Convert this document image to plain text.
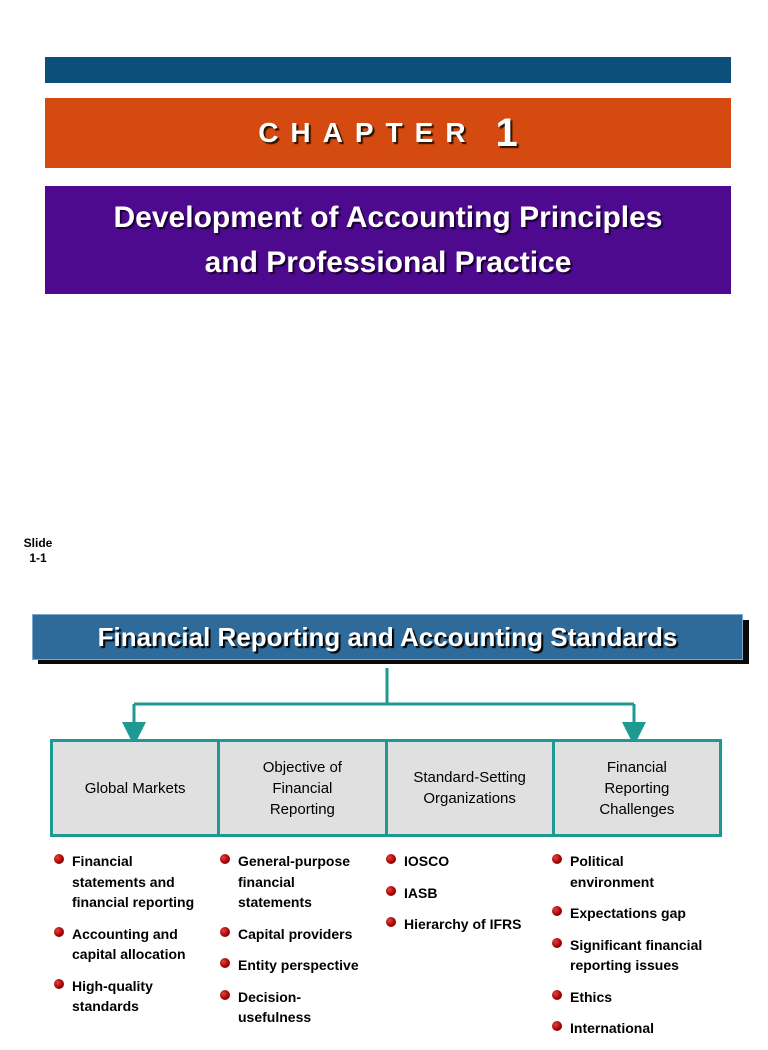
CHAPTER 1
Development of Accounting Principles
and Professional Practice
Slide
1-1
Financial Reporting and Accounting Standards
Global Markets
Objective of
Financial
Reporting
Standard-Setting
Organizations
Financial
Reporting
Challenges
Financial
statements and
financial reporting
Accounting and
capital allocation
High-quality
standards
General-purpose
financial
statements
Capital providers
Entity perspective
Decision-
usefulness
IOSCO
IASB
Hierarchy of IFRS
Political
environment
Expectations gap
Significant financial
reporting issues
Ethics
International
